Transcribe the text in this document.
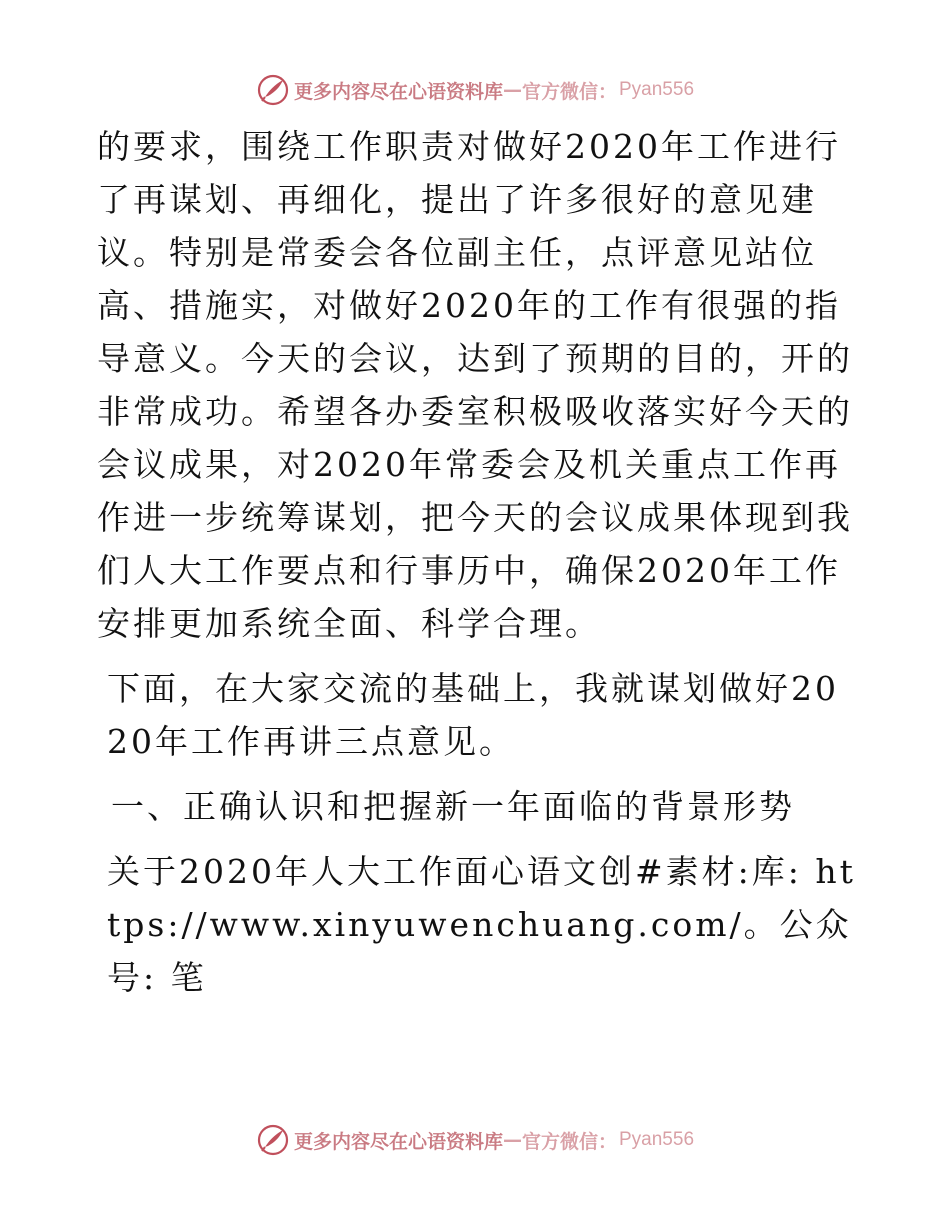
更多内容尽在心语资料库 — 官方微信： Pyan556

的要求，围绕工作职责对做好2020年工作进行了再谋划、再细化，提出了许多很好的意见建议。特别是常委会各位副主任，点评意见站位高、措施实，对做好2020年的工作有很强的指导意义。今天的会议，达到了预期的目的，开的非常成功。希望各办委室积极吸收落实好今天的会议成果，对2020年常委会及机关重点工作再作进一步统筹谋划，把今天的会议成果体现到我们人大工作要点和行事历中，确保2020年工作安排更加系统全面、科学合理。

下面，在大家交流的基础上，我就谋划做好2020年工作再讲三点意见。

一、正确认识和把握新一年面临的背景形势

关于2020年人大工作面心语文创#素材:库: https://www.xinyuwenchuang.com/。公众号: 笔

更多内容尽在心语资料库 — 官方微信： Pyan556
